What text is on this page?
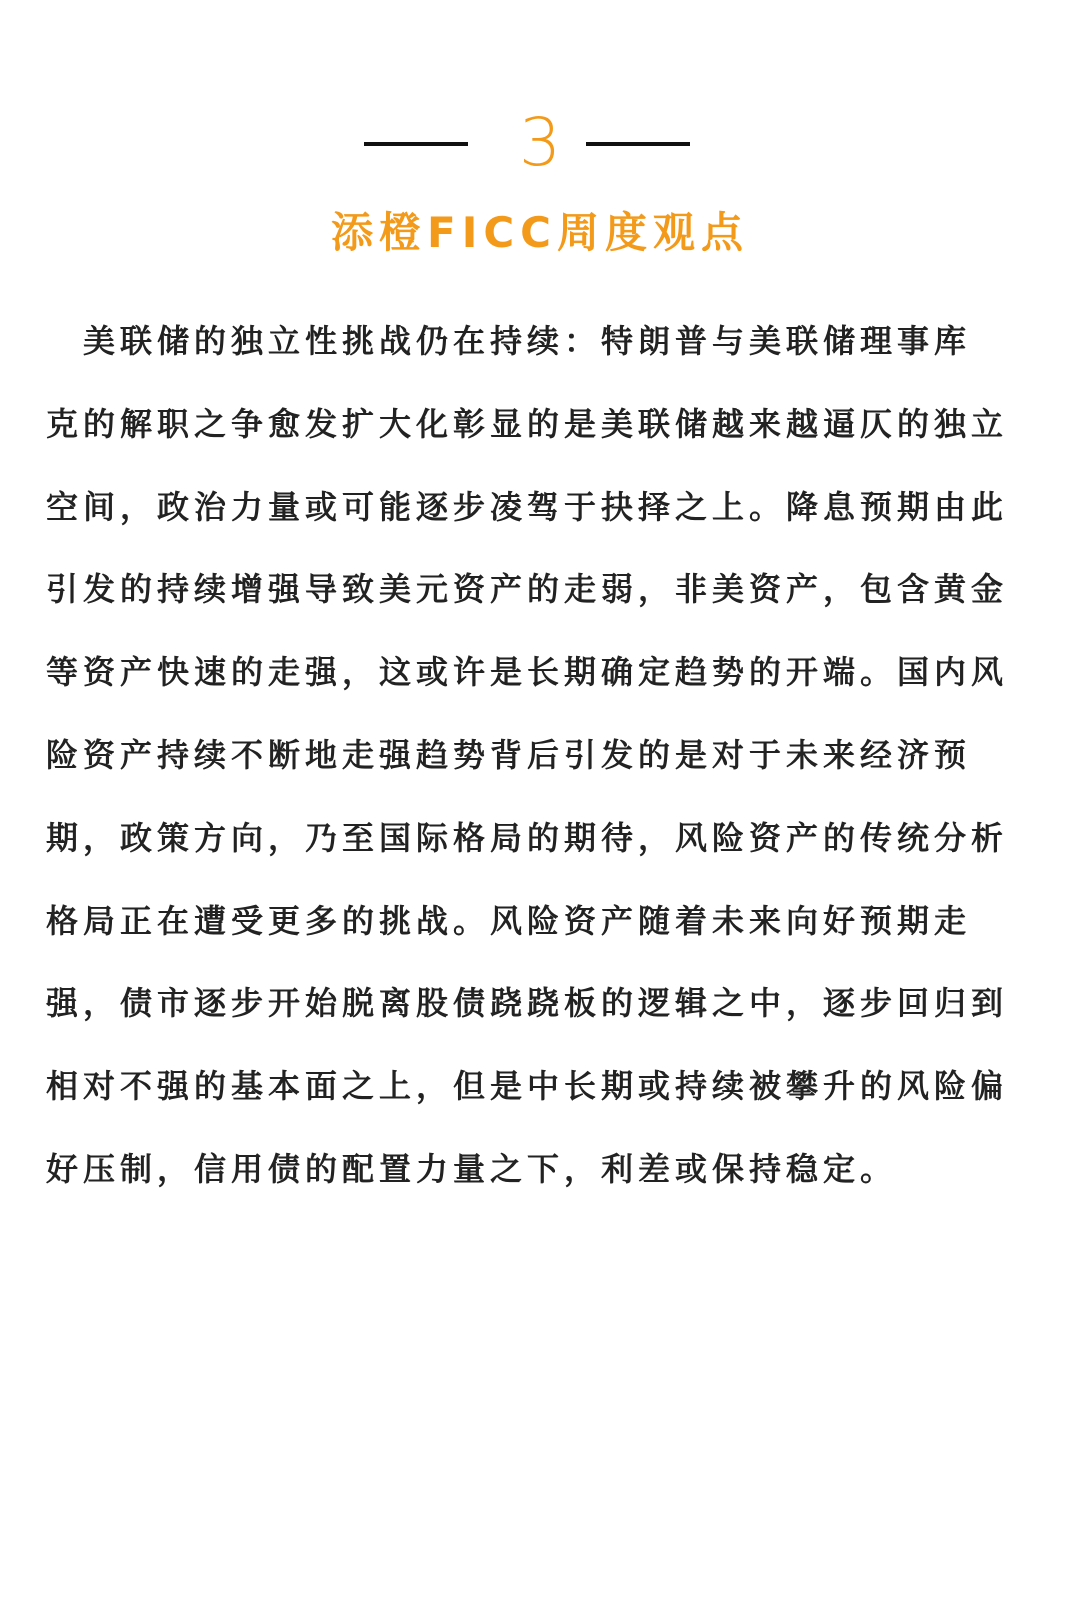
3
添橙FICC周度观点
　美联储的独立性挑战仍在持续：特朗普与美联储理事库
克的解职之争愈发扩大化彰显的是美联储越来越逼仄的独立
空间，政治力量或可能逐步凌驾于抉择之上。降息预期由此
引发的持续增强导致美元资产的走弱，非美资产，包含黄金
等资产快速的走强，这或许是长期确定趋势的开端。国内风
险资产持续不断地走强趋势背后引发的是对于未来经济预
期，政策方向，乃至国际格局的期待，风险资产的传统分析
格局正在遭受更多的挑战。风险资产随着未来向好预期走
强，债市逐步开始脱离股债跷跷板的逻辑之中，逐步回归到
相对不强的基本面之上，但是中长期或持续被攀升的风险偏
好压制，信用债的配置力量之下，利差或保持稳定。
